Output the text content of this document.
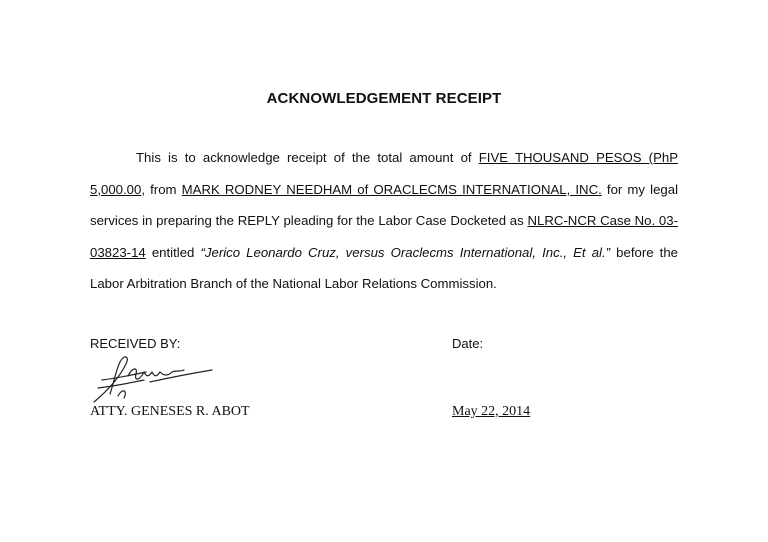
ACKNOWLEDGEMENT RECEIPT

This is to acknowledge receipt of the total amount of FIVE THOUSAND PESOS (PhP 5,000.00, from MARK RODNEY NEEDHAM of ORACLECMS INTERNATIONAL, INC. for my legal services in preparing the REPLY pleading for the Labor Case Docketed as NLRC-NCR Case No. 03-03823-14 entitled “Jerico Leonardo Cruz, versus Oraclecms International, Inc., Et al.” before the Labor Arbitration Branch of the National Labor Relations Commission.

RECEIVED BY:	Date:
ATTY. GENESES R. ABOT	May 22, 2014
